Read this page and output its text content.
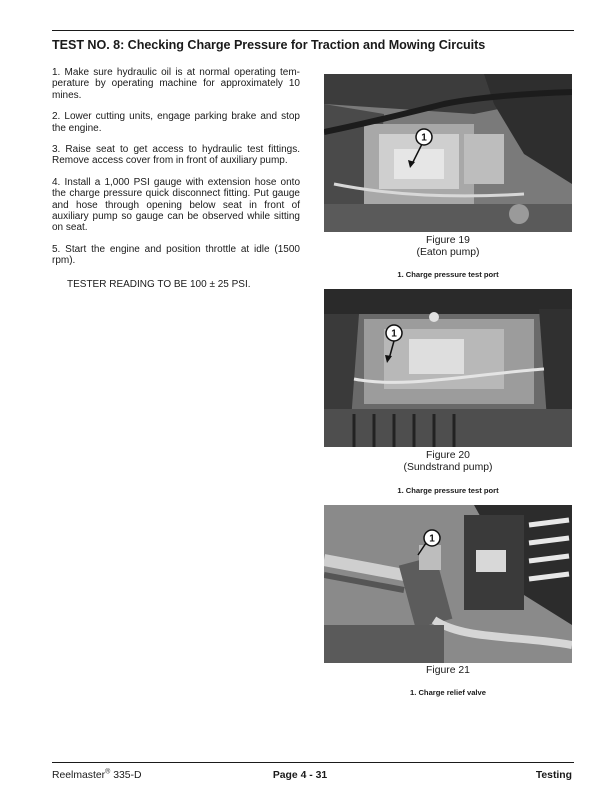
TEST NO. 8: Checking Charge Pressure for Traction and Mowing Circuits

1. Make sure hydraulic oil is at normal operating tem- perature by operating machine for approximately 10 mines.

2. Lower cutting units, engage parking brake and stop the engine.

3. Raise seat to get access to hydraulic test fittings. Remove access cover from in front of auxiliary pump.

4. Install a 1,000 PSI gauge with extension hose onto the charge pressure quick disconnect fitting. Put gauge and hose through opening below seat in front of auxiliary pump so gauge can be observed while sitting on seat.

5. Start the engine and position throttle at idle (1500 rpm).

TESTER READING TO BE 100 ± 25 PSI.

1
Figure 19
(Eaton pump)
1. Charge pressure test port
1
Figure 20
(Sundstrand pump)
1. Charge pressure test port
1
Figure 21
1. Charge relief valve
Reelmaster® 335-D	Page 4 - 31	Testing
